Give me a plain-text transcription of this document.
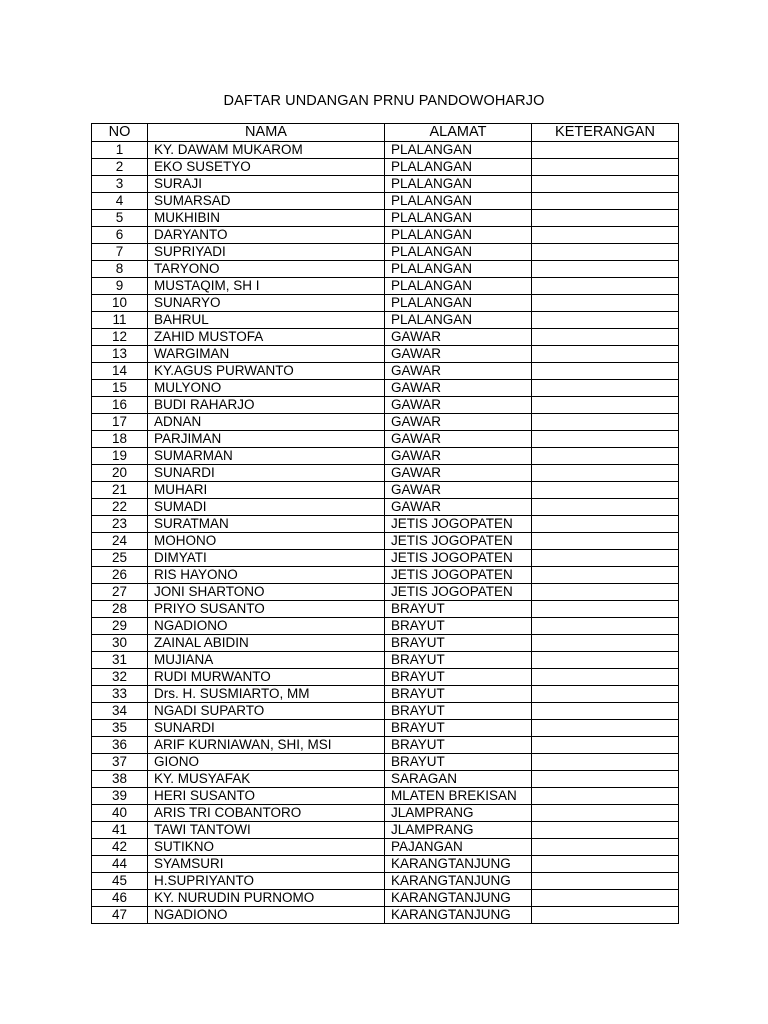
DAFTAR UNDANGAN PRNU PANDOWOHARJO
NO	NAMA	ALAMAT	KETERANGAN
1	KY. DAWAM MUKAROM	PLALANGAN	
2	EKO SUSETYO	PLALANGAN	
3	SURAJI	PLALANGAN	
4	SUMARSAD	PLALANGAN	
5	MUKHIBIN	PLALANGAN	
6	DARYANTO	PLALANGAN	
7	SUPRIYADI	PLALANGAN	
8	TARYONO	PLALANGAN	
9	MUSTAQIM, SH I	PLALANGAN	
10	SUNARYO	PLALANGAN	
11	BAHRUL	PLALANGAN	
12	ZAHID MUSTOFA	GAWAR	
13	WARGIMAN	GAWAR	
14	KY.AGUS PURWANTO	GAWAR	
15	MULYONO	GAWAR	
16	BUDI RAHARJO	GAWAR	
17	ADNAN	GAWAR	
18	PARJIMAN	GAWAR	
19	SUMARMAN	GAWAR	
20	SUNARDI	GAWAR	
21	MUHARI	GAWAR	
22	SUMADI	GAWAR	
23	SURATMAN	JETIS JOGOPATEN	
24	MOHONO	JETIS JOGOPATEN	
25	DIMYATI	JETIS JOGOPATEN	
26	RIS HAYONO	JETIS JOGOPATEN	
27	JONI SHARTONO	JETIS JOGOPATEN	
28	PRIYO SUSANTO	BRAYUT	
29	NGADIONO	BRAYUT	
30	ZAINAL ABIDIN	BRAYUT	
31	MUJIANA	BRAYUT	
32	RUDI MURWANTO	BRAYUT	
33	Drs. H. SUSMIARTO, MM	BRAYUT	
34	NGADI SUPARTO	BRAYUT	
35	SUNARDI	BRAYUT	
36	ARIF KURNIAWAN, SHI, MSI	BRAYUT	
37	GIONO	BRAYUT	
38	KY. MUSYAFAK	SARAGAN	
39	HERI SUSANTO	MLATEN BREKISAN	
40	ARIS TRI COBANTORO	JLAMPRANG	
41	TAWI TANTOWI	JLAMPRANG	
42	SUTIKNO	PAJANGAN	
44	SYAMSURI	KARANGTANJUNG	
45	H.SUPRIYANTO	KARANGTANJUNG	
46	KY. NURUDIN PURNOMO	KARANGTANJUNG	
47	NGADIONO	KARANGTANJUNG	
